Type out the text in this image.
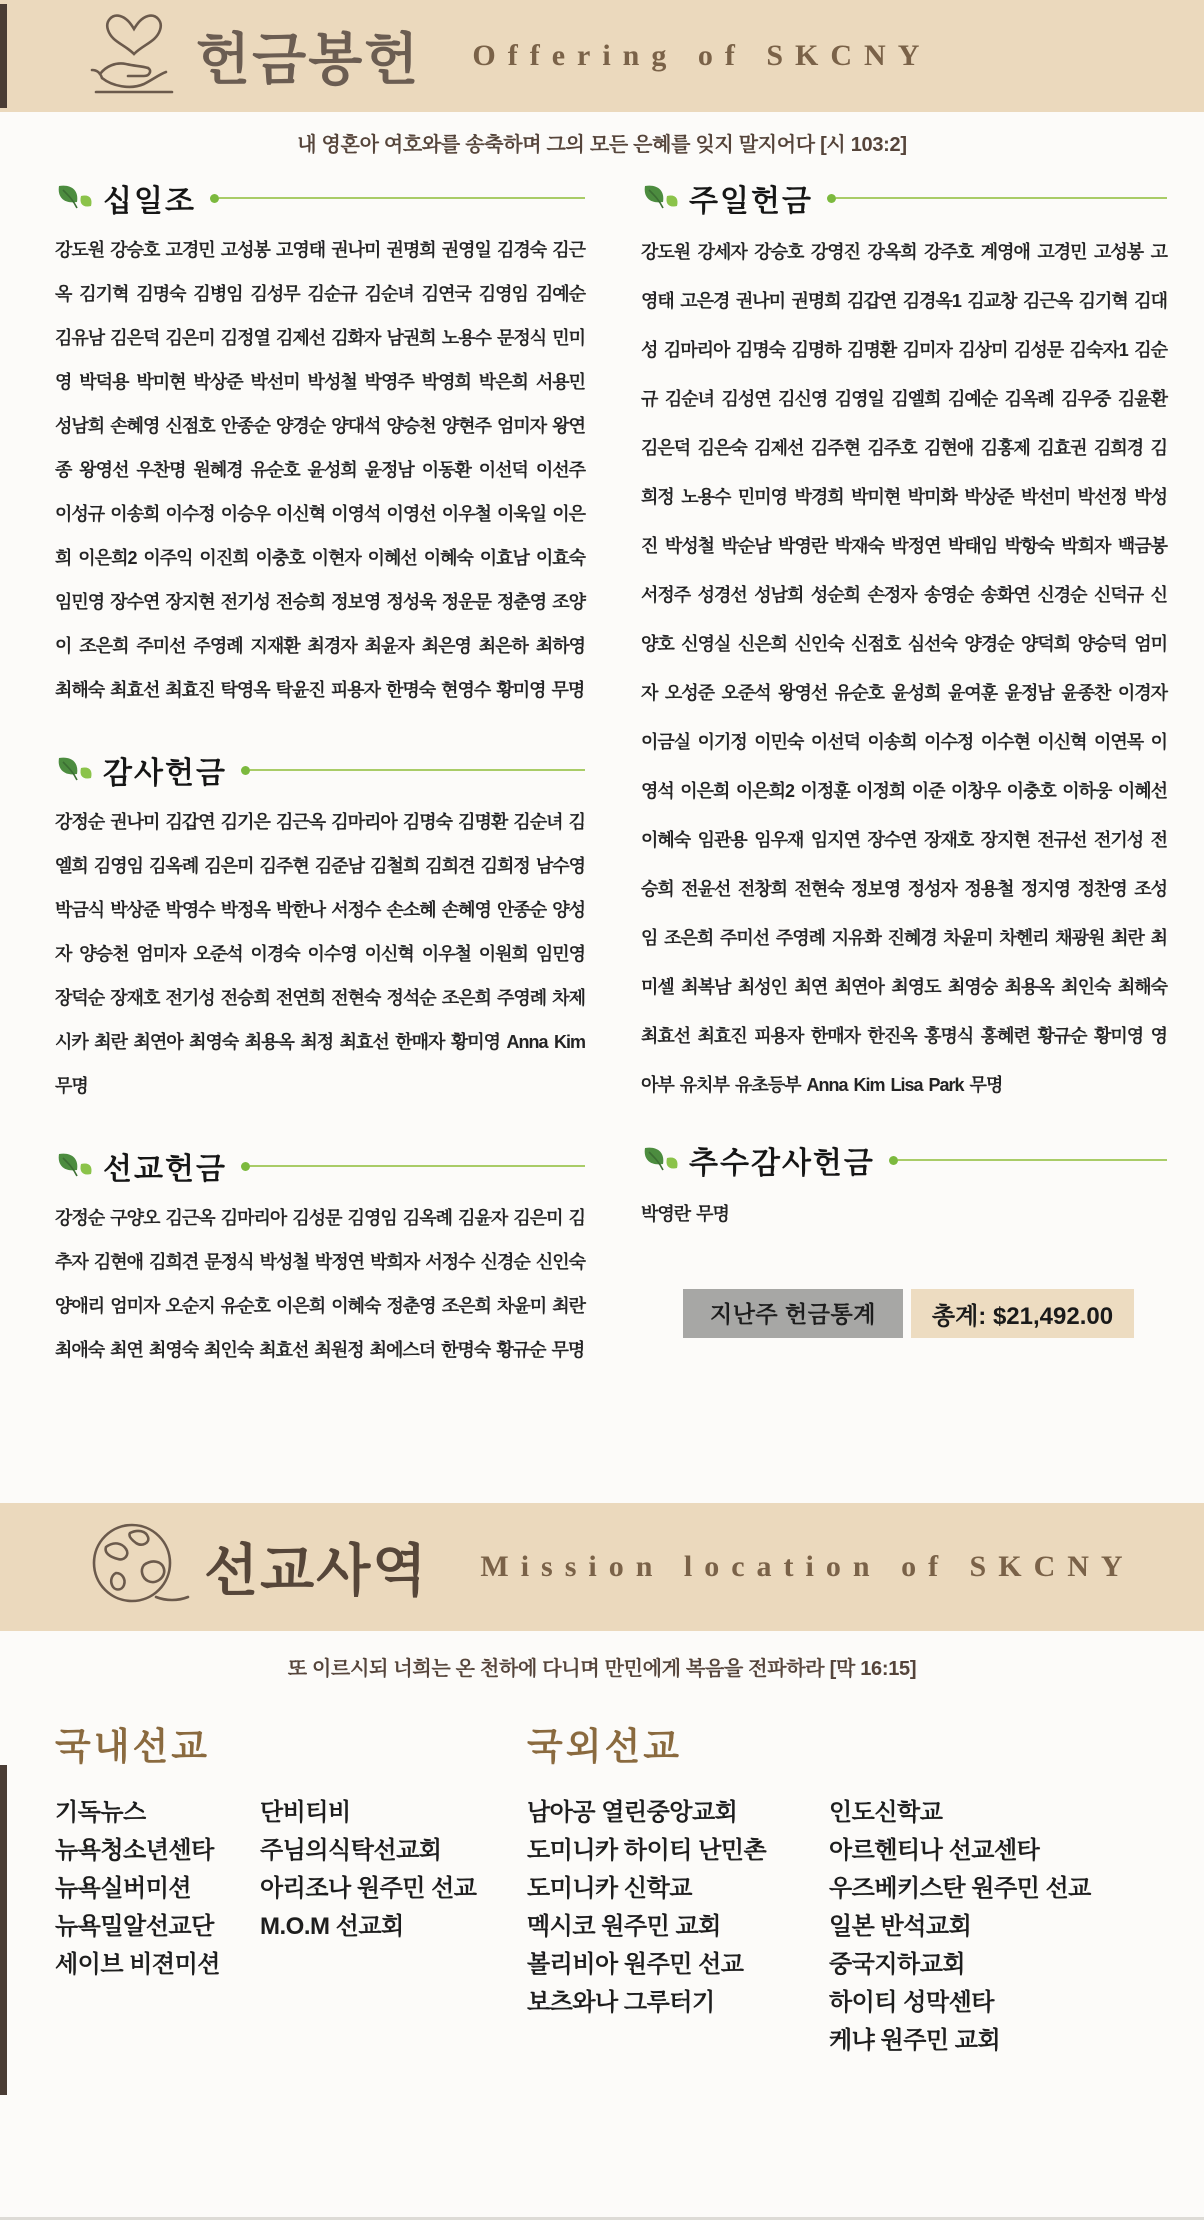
헌금봉헌 Offering of SKCNY
내 영혼아 여호와를 송축하며 그의 모든 은혜를 잊지 말지어다 [시 103:2]
십일조

강도원 강승호 고경민 고성봉 고영태 권나미 권명희 권영일 김경숙 김근옥 김기혁 김명숙 김병임 김성무 김순규 김순녀 김연국 김영임 김예순 김유남 김은덕 김은미 김정열 김제선 김화자 남권희 노용수 문정식 민미영 박덕용 박미현 박상준 박선미 박성철 박영주 박영희 박은희 서용민 성남희 손혜영 신점호 안종순 양경순 양대석 양승천 양현주 엄미자 왕연종 왕영선 우찬명 원혜경 유순호 윤성희 윤정남 이동환 이선덕 이선주 이성규 이송희 이수정 이승우 이신혁 이영석 이영선 이우철 이욱일 이은희 이은희2 이주익 이진희 이충호 이현자 이혜선 이혜숙 이효남 이효숙 임민영 장수연 장지현 전기성 전승희 정보영 정성욱 정운문 정춘영 조양이 조은희 주미선 주영례 지재환 최경자 최윤자 최은영 최은하 최하영 최해숙 최효선 최효진 탁영옥 탁윤진 피용자 한명숙 현영수 황미영 무명

감사헌금

강정순 권나미 김갑연 김기은 김근옥 김마리아 김명숙 김명환 김순녀 김엘희 김영임 김옥례 김은미 김주현 김준남 김철희 김희견 김희정 남수영 박금식 박상준 박영수 박정옥 박한나 서정수 손소혜 손혜영 안종순 양성자 양승천 엄미자 오준석 이경숙 이수영 이신혁 이우철 이원희 임민영 장덕순 장재호 전기성 전승희 전연희 전현숙 정석순 조은희 주영례 차제시카 최란 최연아 최영숙 최용옥 최정 최효선 한매자 황미영 Anna Kim 무명

선교헌금

강정순 구양오 김근옥 김마리아 김성문 김영임 김옥례 김윤자 김은미 김추자 김현애 김희견 문정식 박성철 박정연 박희자 서정수 신경순 신인숙 양애리 엄미자 오순지 유순호 이은희 이혜숙 정춘영 조은희 차윤미 최란 최애숙 최연 최영숙 최인숙 최효선 최원정 최에스더 한명숙 황규순 무명

주일헌금

강도원 강세자 강승호 강영진 강옥희 강주호 계영애 고경민 고성봉 고영태 고은경 권나미 권명희 김갑연 김경옥1 김교창 김근옥 김기혁 김대성 김마리아 김명숙 김명하 김명환 김미자 김상미 김성문 김숙자1 김순규 김순녀 김성연 김신영 김영일 김엘희 김예순 김옥례 김우중 김윤환 김은덕 김은숙 김제선 김주현 김주호 김현애 김홍제 김효권 김희경 김희정 노용수 민미영 박경희 박미현 박미화 박상준 박선미 박선정 박성진 박성철 박순남 박영란 박재숙 박정연 박태임 박항숙 박희자 백금봉 서정주 성경선 성남희 성순희 손정자 송영순 송화연 신경순 신덕규 신양호 신영실 신은희 신인숙 신점호 심선숙 양경순 양덕희 양승덕 엄미자 오성준 오준석 왕영선 유순호 윤성희 윤여훈 윤정남 윤종찬 이경자 이금실 이기정 이민숙 이선덕 이송희 이수정 이수현 이신혁 이연목 이영석 이은희 이은희2 이정훈 이정희 이준 이창우 이충호 이하웅 이혜선 이혜숙 임관용 임우재 임지연 장수연 장재호 장지현 전규선 전기성 전승희 전윤선 전창희 전현숙 정보영 정성자 정용철 정지영 정찬영 조성임 조은희 주미선 주영례 지유화 진혜경 차윤미 차헨리 채광원 최란 최미셀 최복남 최성인 최연 최연아 최영도 최영숭 최용옥 최인숙 최해숙 최효선 최효진 피용자 한매자 한진옥 홍명식 홍혜련 황규순 황미영 영아부 유치부 유초등부 Anna Kim Lisa Park 무명

추수감사헌금

박영란 무명

지난주 헌금통계	총계: $21,492.00
선교사역 Mission location of SKCNY
또 이르시되 너희는 온 천하에 다니며 만민에게 복음을 전파하라 [막 16:15]
국내선교
기독뉴스
뉴욕청소년센타
뉴욕실버미션
뉴욕밀알선교단
세이브 비젼미션
단비티비
주님의식탁선교회
아리조나 원주민 선교
M.O.M 선교회
국외선교
남아공 열린중앙교회
도미니카 하이티 난민촌
도미니카 신학교
멕시코 원주민 교회
볼리비아 원주민 선교
보츠와나 그루터기
인도신학교
아르헨티나 선교센타
우즈베키스탄 원주민 선교
일본 반석교회
중국지하교회
하이티 성막센타
케냐 원주민 교회
